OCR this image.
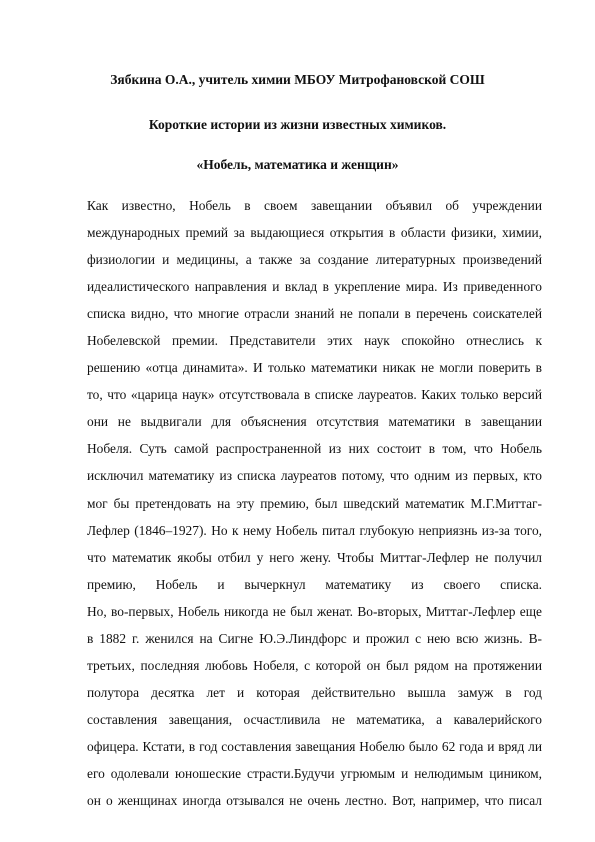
Зябкина О.А., учитель химии МБОУ Митрофановской СОШ
Короткие истории из жизни известных химиков.
«Нобель, математика и женщин»
Как известно, Нобель в своем завещании объявил об учреждении
международных премий за выдающиеся открытия в области физики, химии,
физиологии и медицины, а также за создание литературных произведений
идеалистического направления и вклад в укрепление мира. Из приведенного
списка видно, что многие отрасли знаний не попали в перечень соискателей
Нобелевской премии. Представители этих наук спокойно отнеслись к
решению «отца динамита». И только математики никак не могли поверить в
то, что «царица наук» отсутствовала в списке лауреатов. Каких только версий
они не выдвигали для объяснения отсутствия математики в завещании
Нобеля. Суть самой распространенной из них состоит в том, что Нобель
исключил математику из списка лауреатов потому, что одним из первых, кто
мог бы претендовать на эту премию, был шведский математик М.Г.Миттаг-
Лефлер (1846–1927). Но к нему Нобель питал глубокую неприязнь из-за того,
что математик якобы отбил у него жену. Чтобы Миттаг-Лефлер не получил
премию, Нобель и вычеркнул математику из своего списка.
Но, во-первых, Нобель никогда не был женат. Во-вторых, Миттаг-Лефлер еще
в 1882 г. женился на Сигне Ю.Э.Линдфорс и прожил с нею всю жизнь. В-
третьих, последняя любовь Нобеля, с которой он был рядом на протяжении
полутора десятка лет и которая действительно вышла замуж в год
составления завещания, осчастливила не математика, а кавалерийского
офицера. Кстати, в год составления завещания Нобелю было 62 года и вряд ли
его одолевали юношеские страсти.Будучи угрюмым и нелюдимым циником,
он о женщинах иногда отзывался не очень лестно. Вот, например, что писал
